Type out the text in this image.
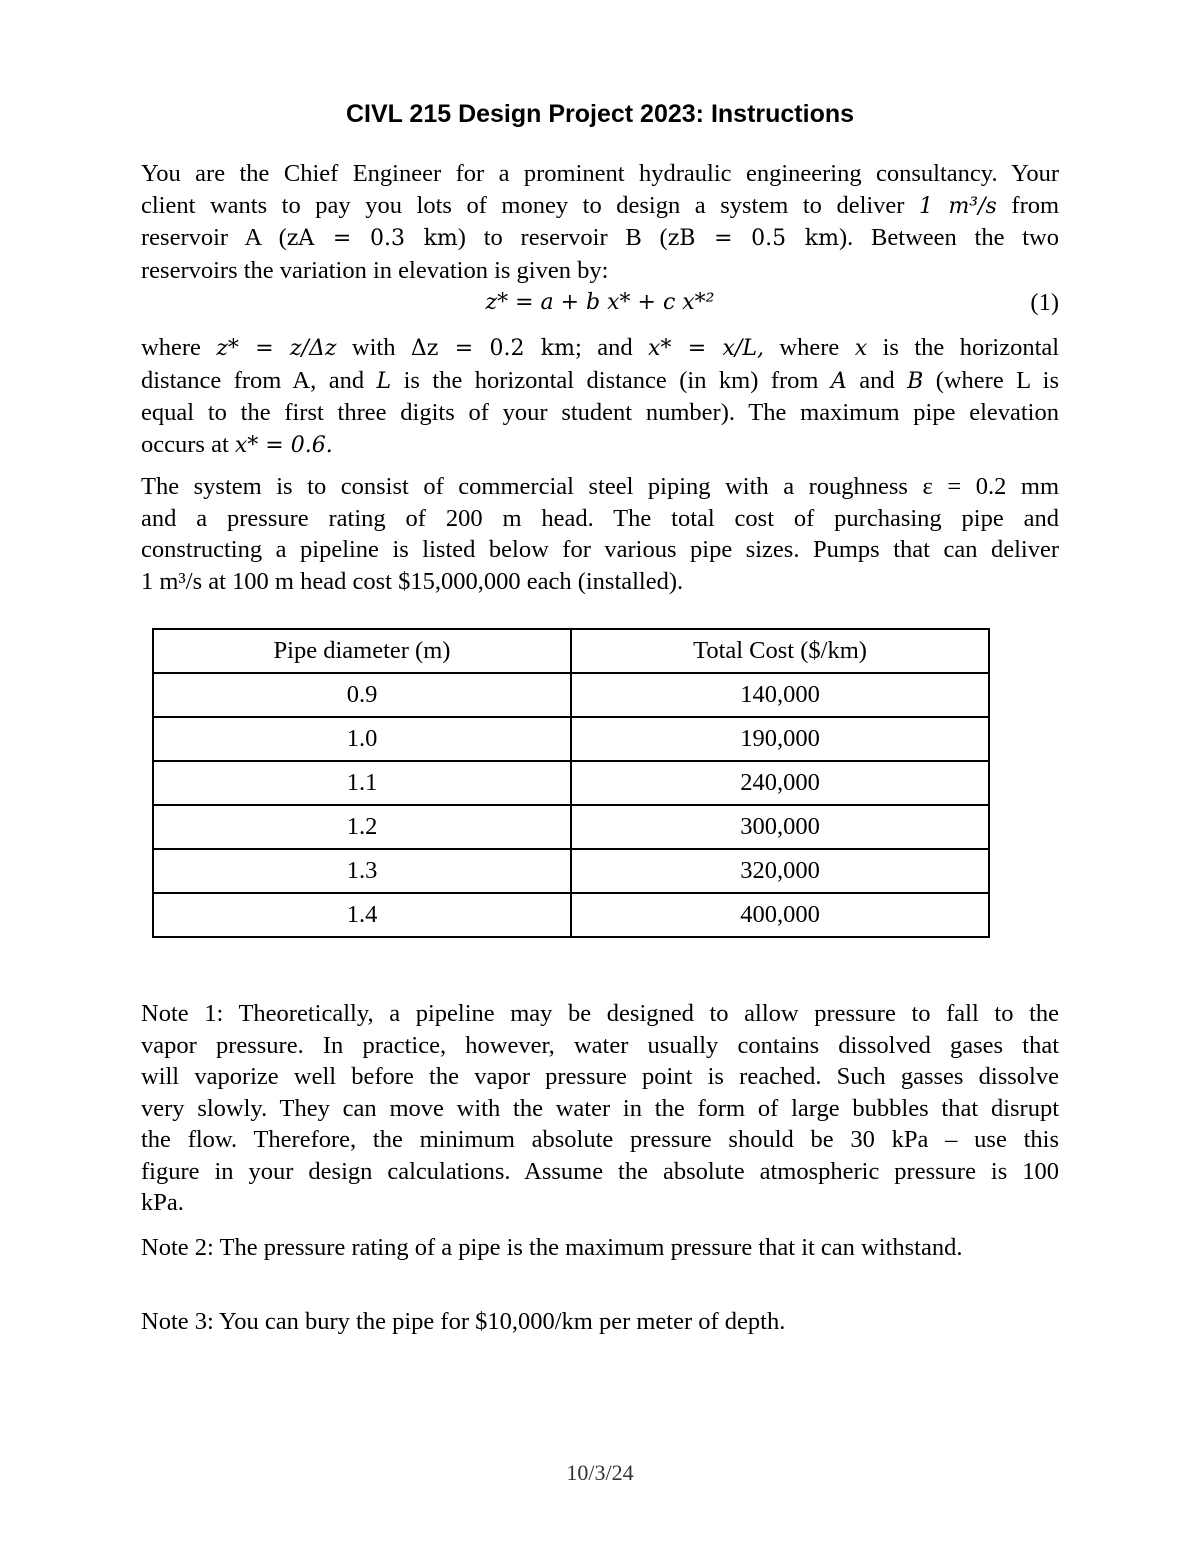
CIVL 215 Design Project 2023: Instructions
You are the Chief Engineer for a prominent hydraulic engineering consultancy. Your
client wants to pay you lots of money to design a system to deliver 1 m³/s from
reservoir A (zA = 0.3 km) to reservoir B (zB = 0.5 km). Between the two
reservoirs the variation in elevation is given by:
z* = a + b x* + c x*²	(1)
where z* = z/Δz with Δz = 0.2 km; and x* = x/L, where x is the horizontal
distance from A, and L is the horizontal distance (in km) from A and B (where L is
equal to the first three digits of your student number). The maximum pipe elevation
occurs at x* = 0.6.
The system is to consist of commercial steel piping with a roughness ε = 0.2 mm
and a pressure rating of 200 m head. The total cost of purchasing pipe and
constructing a pipeline is listed below for various pipe sizes. Pumps that can deliver
1 m³/s at 100 m head cost $15,000,000 each (installed).
Pipe diameter (m)	Total Cost ($/km)
0.9	140,000
1.0	190,000
1.1	240,000
1.2	300,000
1.3	320,000
1.4	400,000
Note 1: Theoretically, a pipeline may be designed to allow pressure to fall to the
vapor pressure. In practice, however, water usually contains dissolved gases that
will vaporize well before the vapor pressure point is reached. Such gasses dissolve
very slowly. They can move with the water in the form of large bubbles that disrupt
the flow. Therefore, the minimum absolute pressure should be 30 kPa – use this
figure in your design calculations. Assume the absolute atmospheric pressure is 100
kPa.
Note 2: The pressure rating of a pipe is the maximum pressure that it can withstand.
Note 3: You can bury the pipe for $10,000/km per meter of depth.
10/3/24
